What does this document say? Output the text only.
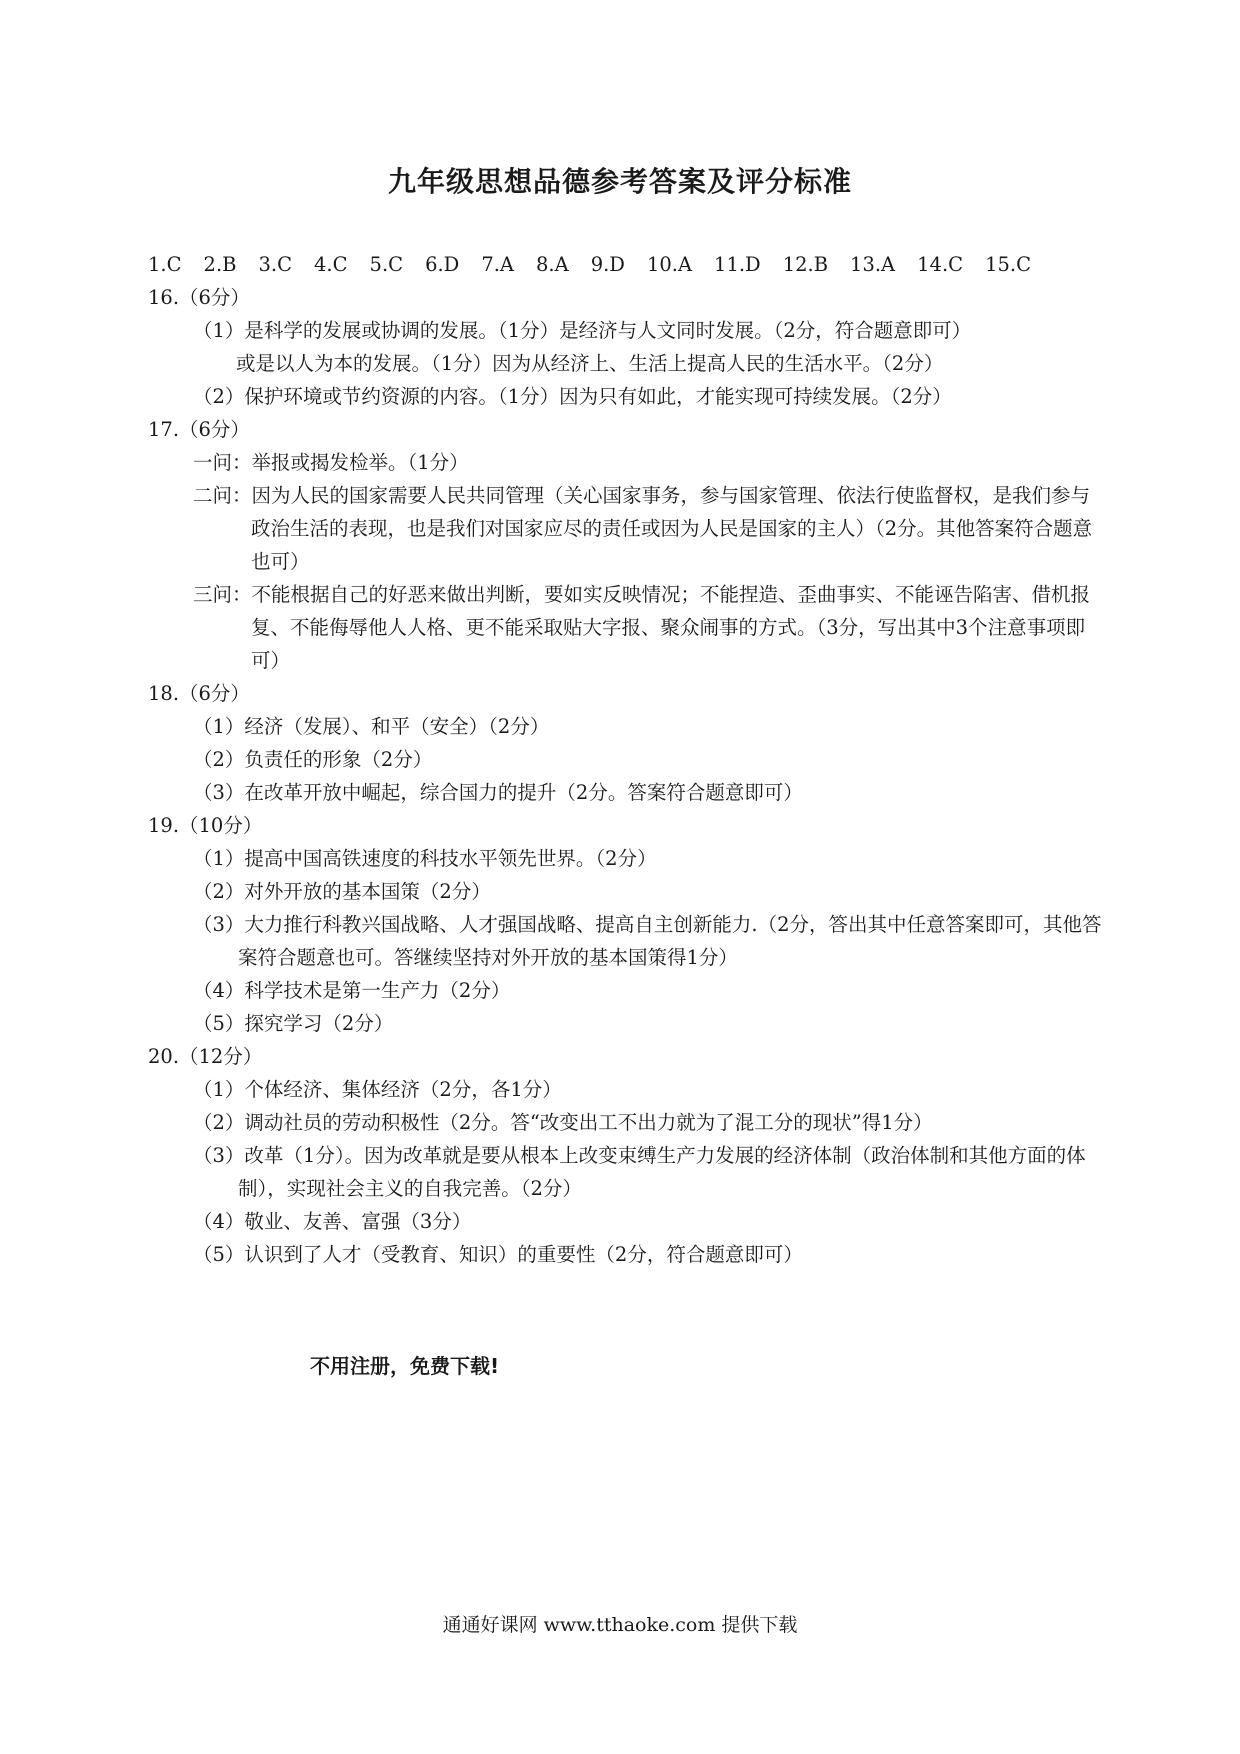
九年级思想品德参考答案及评分标准
1.C 2.B 3.C 4.C 5.C 6.D 7.A 8.A 9.D 10.A 11.D 12.B 13.A 14.C 15.C
16.（6分）
（1）是科学的发展或协调的发展。（1分）是经济与人文同时发展。（2分，符合题意即可）
或是以人为本的发展。（1分）因为从经济上、生活上提高人民的生活水平。（2分）
（2）保护环境或节约资源的内容。（1分）因为只有如此，才能实现可持续发展。（2分）
17.（6分）
一问：举报或揭发检举。（1分）
二问：因为人民的国家需要人民共同管理（关心国家事务，参与国家管理、依法行使监督权，是我们参与政治生活的表现，也是我们对国家应尽的责任或因为人民是国家的主人）（2分。其他答案符合题意也可）
三问：不能根据自己的好恶来做出判断，要如实反映情况；不能捏造、歪曲事实、不能诬告陷害、借机报复、不能侮辱他人人格、更不能采取贴大字报、聚众闹事的方式。（3分，写出其中3个注意事项即可）
18.（6分）
（1）经济（发展）、和平（安全）（2分）
（2）负责任的形象（2分）
（3）在改革开放中崛起，综合国力的提升（2分。答案符合题意即可）
19.（10分）
（1）提高中国高铁速度的科技水平领先世界。（2分）
（2）对外开放的基本国策（2分）
（3）大力推行科教兴国战略、人才强国战略、提高自主创新能力.（2分，答出其中任意答案即可，其他答案符合题意也可。答继续坚持对外开放的基本国策得1分）
（4）科学技术是第一生产力（2分）
（5）探究学习（2分）
20.（12分）
（1）个体经济、集体经济（2分，各1分）
（2）调动社员的劳动积极性（2分。答“改变出工不出力就为了混工分的现状”得1分）
（3）改革（1分）。因为改革就是要从根本上改变束缚生产力发展的经济体制（政治体制和其他方面的体制），实现社会主义的自我完善。（2分）
（4）敬业、友善、富强（3分）
（5）认识到了人才（受教育、知识）的重要性（2分，符合题意即可）
不用注册，免费下载!
通通好课网 www.tthaoke.com 提供下载
